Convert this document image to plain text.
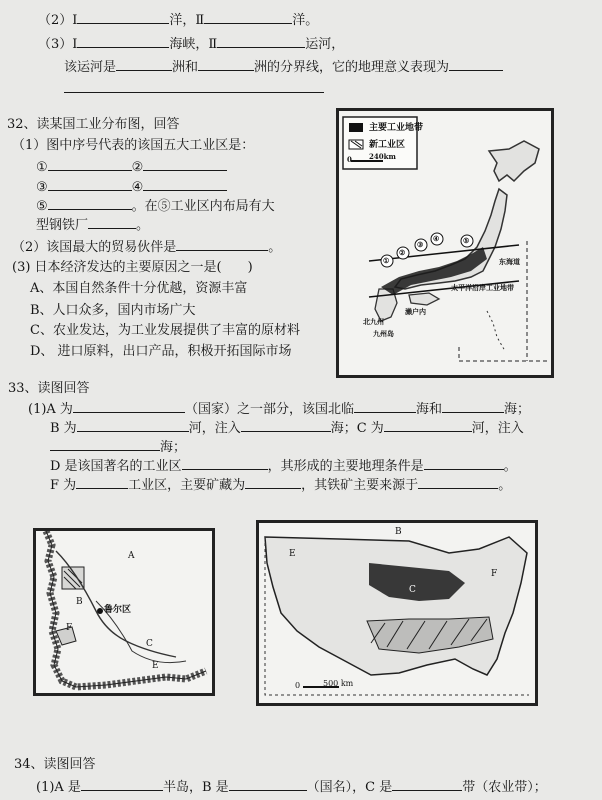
（2）Ⅰ	洋，Ⅱ	洋。
（3）Ⅰ	海峡，Ⅱ	运河，
该运河是	洲和	洲的分界线，它的地理意义表现为
32、读某国工业分布图，回答
（1）图中序号代表的该国五大工业区是：
①	②
③	④
⑤	。在⑤工业区内布局有大
型钢铁厂	。
（2）该国最大的贸易伙伴是	。
(3) 日本经济发达的主要原因之一是( )
A、本国自然条件十分优越，资源丰富
B、人口众多，国内市场广大
C、农业发达，为工业发展提供了丰富的原材料
D、 进口原料，出口产品，积极开拓国际市场
主要工业地带
新工业区
0 240km
①
②
③
④	⑤
东海道
太平洋沿岸工业地带
濑户内
北九州
九州岛
33、读图回答
(1)A 为	（国家）之一部分，该国北临	海和	海；
B 为	河，注入	海；C 为	河，注入
海；
D 是该国著名的工业区	，其形成的主要地理条件是	。
F 为	工业区，主要矿藏为	，其铁矿主要来源于	。
A
B
C
F
E
鲁尔区
B
E
F
C
0	500 km
34、读图回答
(1)A 是	半岛，B 是	（国名），C 是	带（农业带）；
